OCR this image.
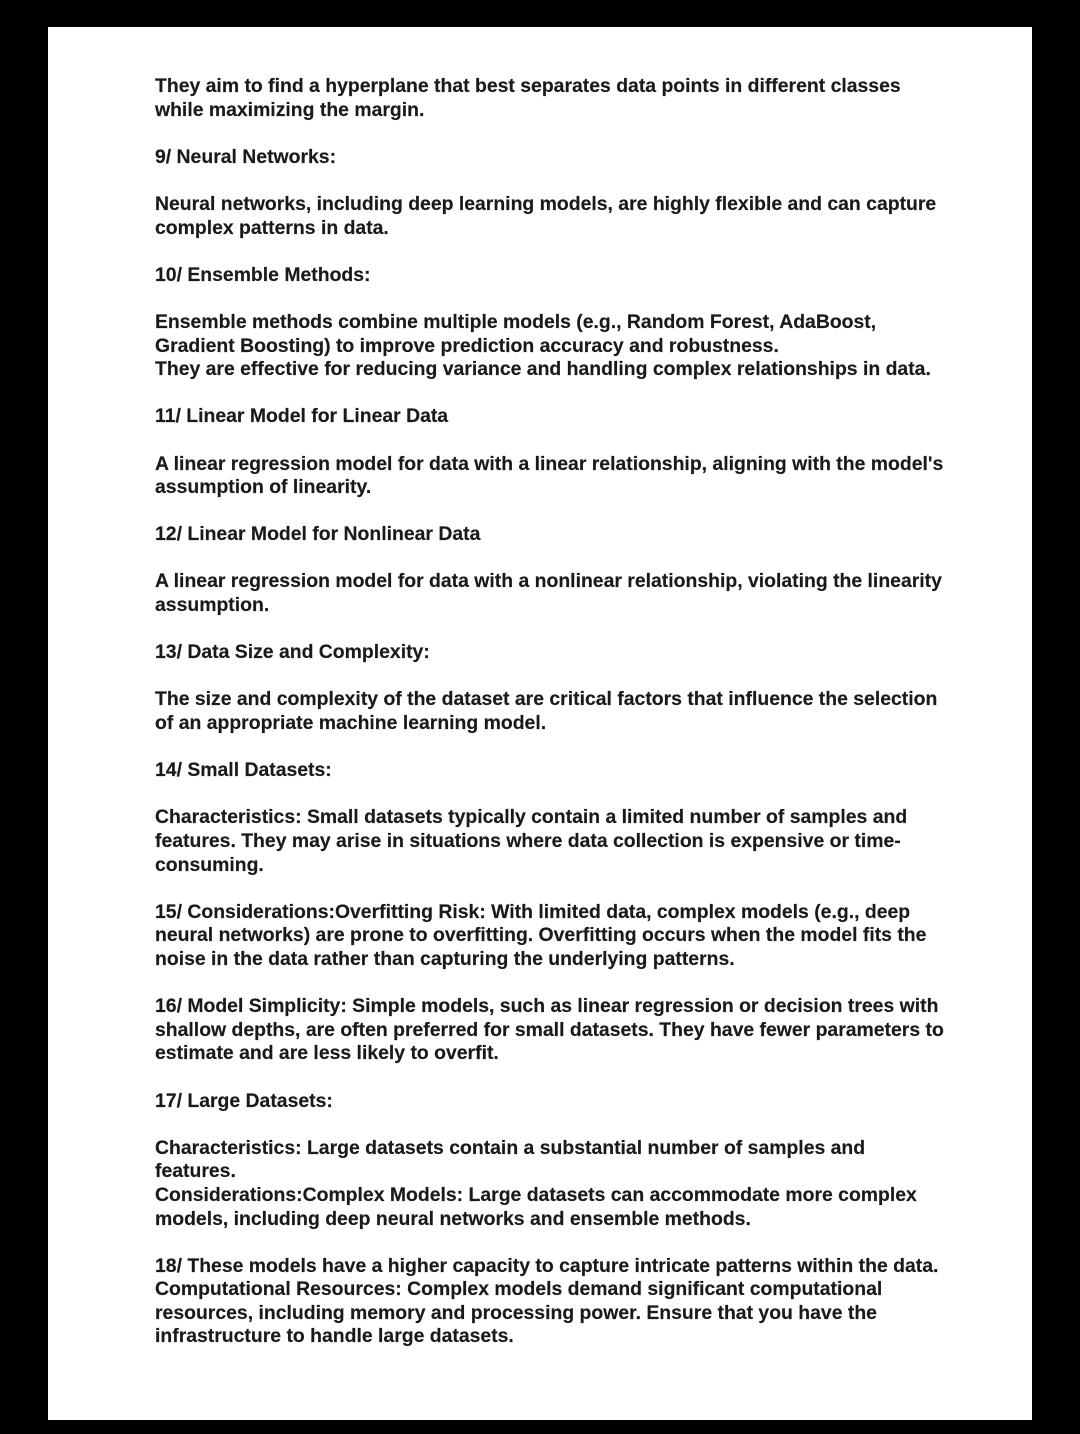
They aim to find a hyperplane that best separates data points in different classes
while maximizing the margin.
9/ Neural Networks:
Neural networks, including deep learning models, are highly flexible and can capture
complex patterns in data.
10/ Ensemble Methods:
Ensemble methods combine multiple models (e.g., Random Forest, AdaBoost,
Gradient Boosting) to improve prediction accuracy and robustness.
They are effective for reducing variance and handling complex relationships in data.
11/ Linear Model for Linear Data
A linear regression model for data with a linear relationship, aligning with the model's
assumption of linearity.
12/ Linear Model for Nonlinear Data
A linear regression model for data with a nonlinear relationship, violating the linearity
assumption.
13/ Data Size and Complexity:
The size and complexity of the dataset are critical factors that influence the selection
of an appropriate machine learning model.
14/ Small Datasets:
Characteristics: Small datasets typically contain a limited number of samples and
features. They may arise in situations where data collection is expensive or time-
consuming.
15/ Considerations:Overfitting Risk: With limited data, complex models (e.g., deep
neural networks) are prone to overfitting. Overfitting occurs when the model fits the
noise in the data rather than capturing the underlying patterns.
16/ Model Simplicity: Simple models, such as linear regression or decision trees with
shallow depths, are often preferred for small datasets. They have fewer parameters to
estimate and are less likely to overfit.
17/ Large Datasets:
Characteristics: Large datasets contain a substantial number of samples and
features.
Considerations:Complex Models: Large datasets can accommodate more complex
models, including deep neural networks and ensemble methods.
18/ These models have a higher capacity to capture intricate patterns within the data.
Computational Resources: Complex models demand significant computational
resources, including memory and processing power. Ensure that you have the
infrastructure to handle large datasets.
